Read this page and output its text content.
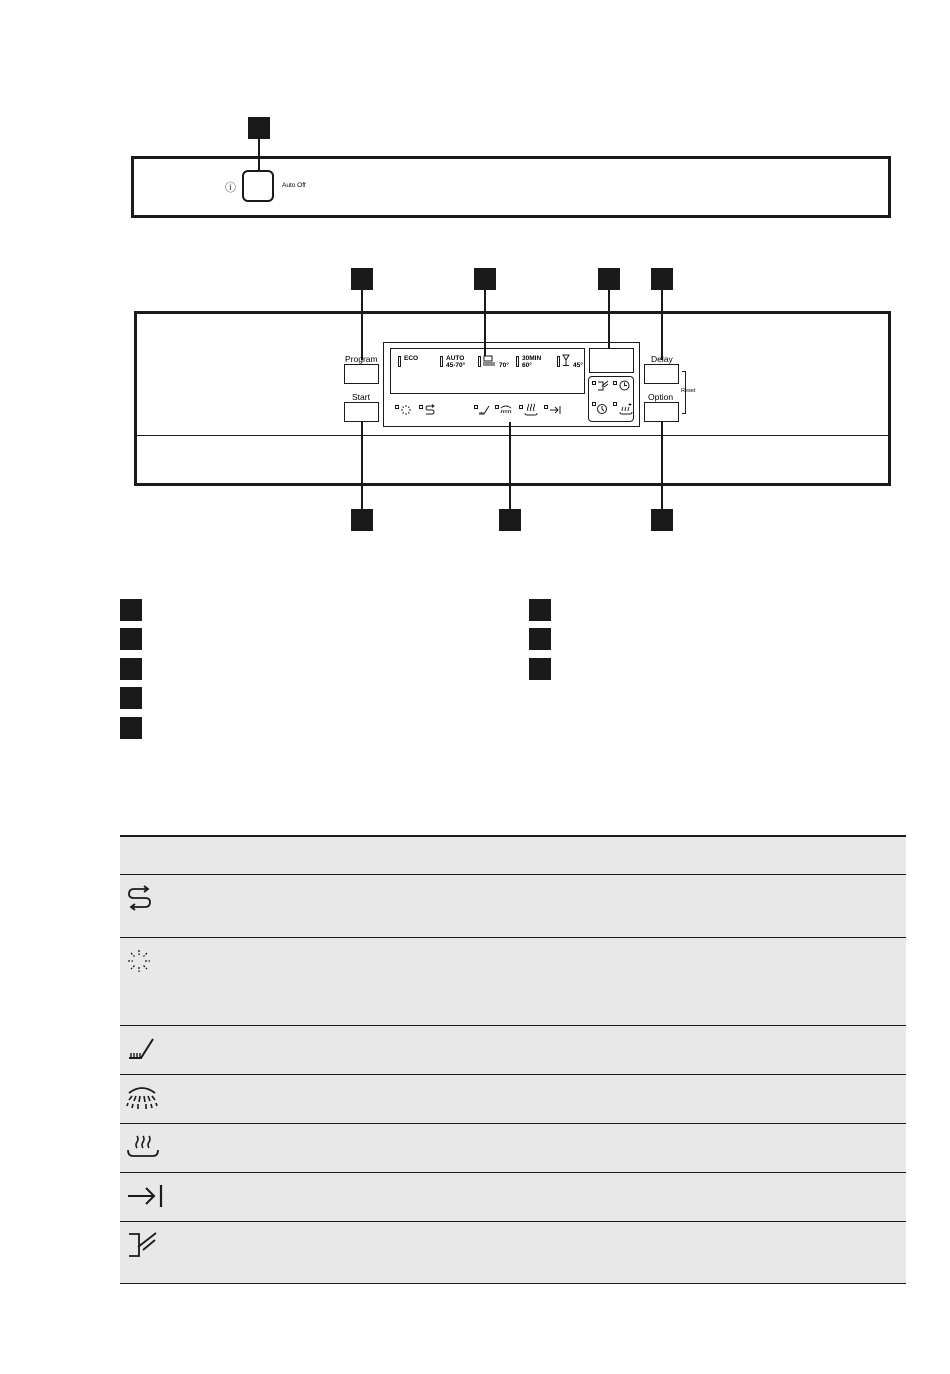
ⓘ	Auto Off
Program
Start
Delay
Option
Reset
ECO	AUTO
45-70°	70°
30MIN
60°	45°
